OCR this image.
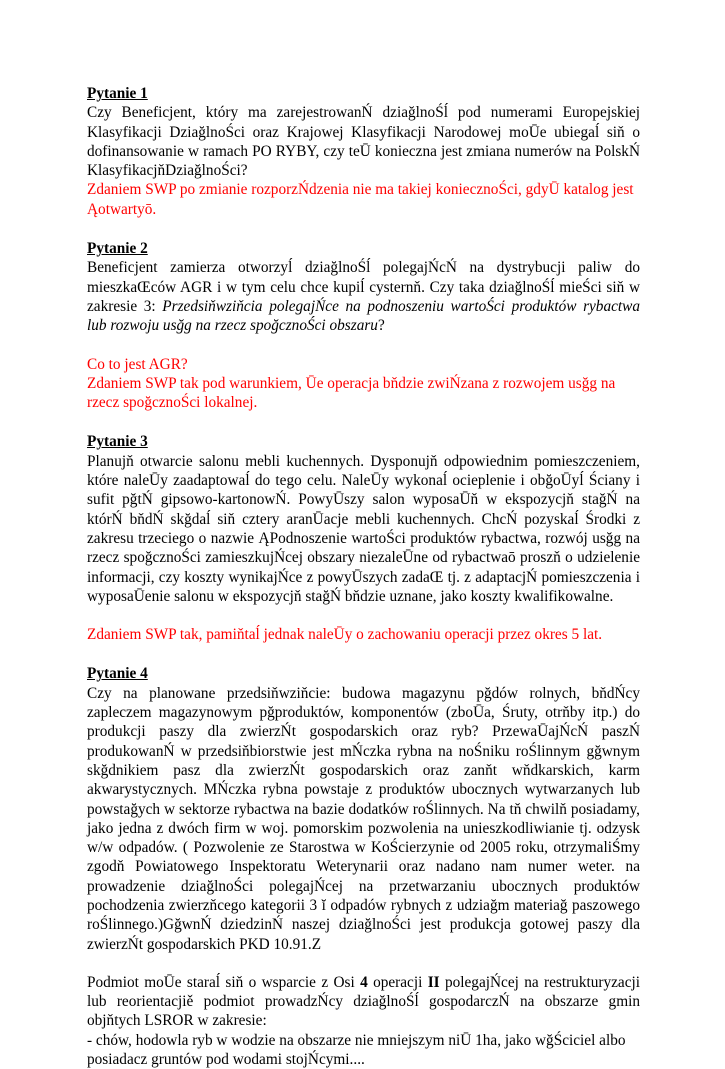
Pytanie 1

Czy Beneficjent, który ma zarejestrowanŃ dziağlnoŚĺ pod numerami Europejskiej Klasyfikacji DziağlnoŚci oraz Krajowej Klasyfikacji Narodowej moŪe ubiegaĺ siň o dofinansowanie w ramach PO RYBY, czy teŪ konieczna jest zmiana numerów na PolskŃ KlasyfikacjňDziağlnoŚci?

Zdaniem SWP po zmianie rozporzŃdzenia nie ma takiej koniecznoŚci, gdyŪ katalog jest Ąotwartyō.

Pytanie 2

Beneficjent zamierza otworzyĺ dziağlnoŚĺ polegajŃcŃ na dystrybucji paliw do mieszkaŒców AGR i w tym celu chce kupiĺ cysternň. Czy taka dziağlnoŚĺ mieŚci siň w zakresie 3: Przedsiňwziňcia polegajŃce na podnoszeniu wartoŚci produktów rybactwa lub rozwoju usğg na rzecz spoğcznoŚci obszaru?

Co to jest AGR?

Zdaniem SWP tak pod warunkiem, Ūe operacja bňdzie zwiŃzana z rozwojem usğg na rzecz spoğcznoŚci lokalnej.

Pytanie 3

Planujň otwarcie salonu mebli kuchennych. Dysponujň odpowiednim pomieszczeniem, które naleŪy zaadaptowaĺ do tego celu. NaleŪy wykonaĺ ocieplenie i obğoŪyĺ Ściany i sufit pğtŃ gipsowo-kartonowŃ. PowyŪszy salon wyposaŪň w ekspozycjň stağŃ na którŃ bňdŃ skğdaĺ siň cztery aranŪacje mebli kuchennych. ChcŃ pozyskaĺ Środki z zakresu trzeciego o nazwie ĄPodnoszenie wartoŚci produktów rybactwa, rozwój usğg na rzecz spoğcznoŚci zamieszkujŃcej obszary niezaleŪne od rybactwaō proszň o udzielenie informacji, czy koszty wynikajŃce z powyŪszych zadaŒ tj. z adaptacjŃ pomieszczenia i wyposaŪenie salonu w ekspozycjň stağŃ bňdzie uznane, jako koszty kwalifikowalne.

Zdaniem SWP tak, pamiňtaĺ jednak naleŪy o zachowaniu operacji przez okres 5 lat.

Pytanie 4

Czy na planowane przedsiňwziňcie: budowa magazynu pğdów rolnych, bňdŃcy zapleczem magazynowym pğproduktów, komponentów (zboŪa, Śruty, otrňby itp.) do produkcji paszy dla zwierzŃt gospodarskich oraz ryb? PrzewaŪajŃcŃ paszŃ produkowanŃ w przedsiňbiorstwie jest mŃczka rybna na noŚniku roŚlinnym gğwnym skğdnikiem pasz dla zwierzŃt gospodarskich oraz zanňt wňdkarskich, karm akwarystycznych. MŃczka rybna powstaje z produktów ubocznych wytwarzanych lub powstağych w sektorze rybactwa na bazie dodatków roŚlinnych. Na tň chwilň posiadamy, jako jedna z dwóch firm w woj. pomorskim pozwolenia na unieszkodliwianie tj. odzysk w/w odpadów. ( Pozwolenie ze Starostwa w KoŚcierzynie od 2005 roku, otrzymaliŚmy zgodň Powiatowego Inspektoratu Weterynarii oraz nadano nam numer weter. na prowadzenie dziağlnoŚci polegajŃcej na przetwarzaniu ubocznych produktów pochodzenia zwierzňcego kategorii 3 ĭ odpadów rybnych z udziağm materiağ paszowego roŚlinnego.)GğwnŃ dziedzinŃ naszej dziağlnoŚci jest produkcja gotowej paszy dla zwierzŃt gospodarskich PKD 10.91.Z

Podmiot moŪe staraĺ siň o wsparcie z Osi 4 operacji II polegajŃcej na restrukturyzacji lub reorientacjiě podmiot prowadzŃcy dziağlnoŚĺ gospodarczŃ na obszarze gmin objňtych LSROR w zakresie:

- chów, hodowla ryb w wodzie na obszarze nie mniejszym niŪ 1ha, jako wğŚciciel albo posiadacz gruntów pod wodami stojŃcymi....
